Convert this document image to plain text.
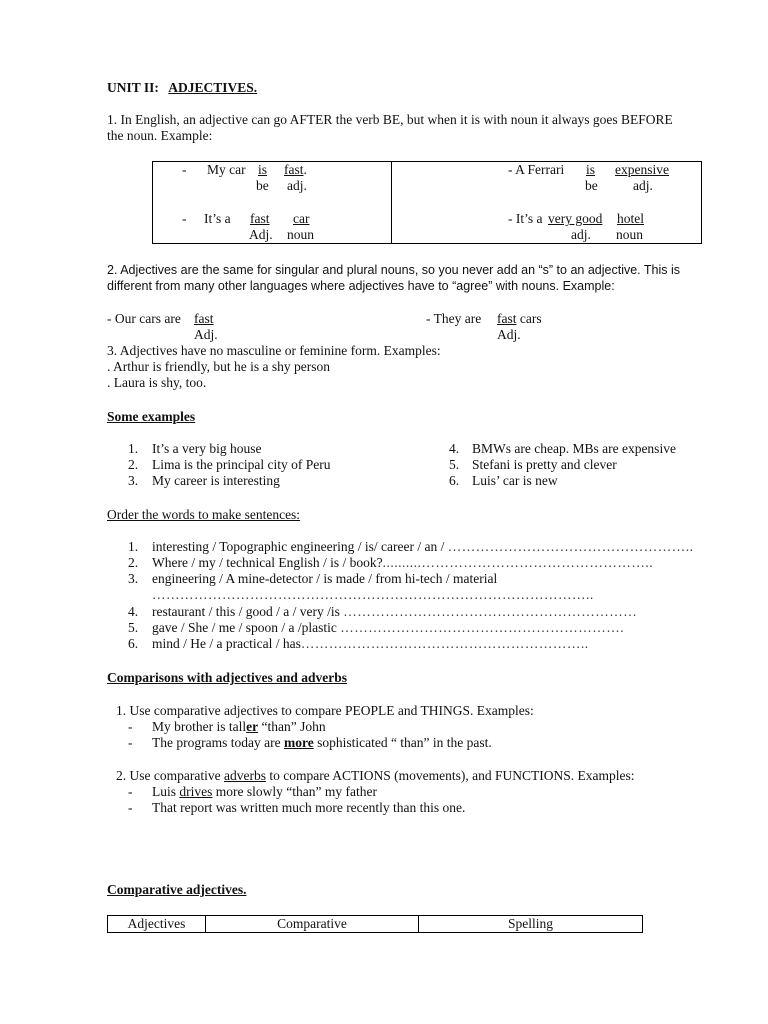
UNIT II: ADJECTIVES.
1. In English, an adjective can go AFTER the verb BE, but when it is with noun it always goes BEFORE
the noun. Example:
- My car is fast.
be adj.
- It’s a fast car
Adj. noun
- A Ferrari is expensive
be	adj.
- It’s a very good hotel
adj. noun
2. Adjectives are the same for singular and plural nouns, so you never add an “s” to an adjective. This is
different from many other languages where adjectives have to “agree” with nouns. Example:
- Our cars are fast
Adj.
- They are fast cars
Adj.
3. Adjectives have no masculine or feminine form. Examples:
. Arthur is friendly, but he is a shy person
. Laura is shy, too.
Some examples
1. It’s a very big house
2. Lima is the principal city of Peru
3. My career is interesting
4. BMWs are cheap. MBs are expensive
5. Stefani is pretty and clever
6. Luis’ car is new
Order the words to make sentences:
1. interesting / Topographic engineering / is/ career / an / ……………………………………………..
2. Where / my / technical English / is / book?..........…………………………………………..
3. engineering / A mine-detector / is made / from hi-tech / material
…………………………………………………………………………………..
4. restaurant / this / good / a / very /is ………………………………………………………
5. gave / She / me / spoon / a /plastic …………………………………………………….
6. mind / He / a practical / has……………………………………………………..
Comparisons with adjectives and adverbs
1. Use comparative adjectives to compare PEOPLE and THINGS. Examples:
- My brother is taller “than” John
- The programs today are more sophisticated “ than” in the past.
2. Use comparative adverbs to compare ACTIONS (movements), and FUNCTIONS. Examples:
- Luis drives more slowly “than” my father
- That report was written much more recently than this one.
Comparative adjectives.
Adjectives	Comparative	Spelling
